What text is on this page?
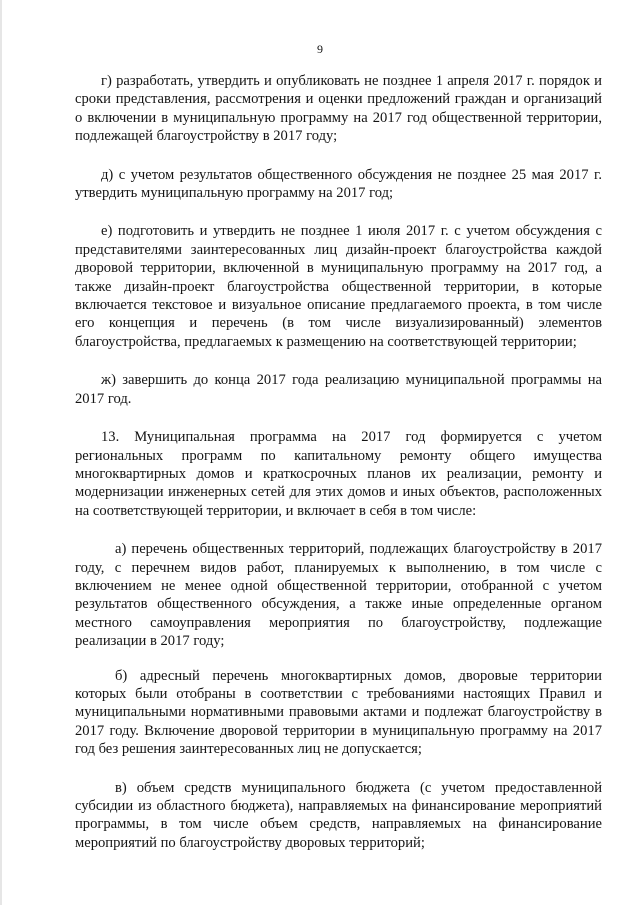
9

г) разработать, утвердить и опубликовать не позднее 1 апреля 2017 г. порядок и сроки представления, рассмотрения и оценки предложений граждан и организаций о включении в муниципальную программу на 2017 год общественной территории, подлежащей благоустройству в 2017 году;

д) с учетом результатов общественного обсуждения не позднее 25 мая 2017 г. утвердить муниципальную программу на 2017 год;

е) подготовить и утвердить не позднее 1 июля 2017 г. с учетом обсуждения с представителями заинтересованных лиц дизайн-проект благоустройства каждой дворовой территории, включенной в муниципальную программу на 2017 год, а также дизайн-проект благоустройства общественной территории, в которые включается текстовое и визуальное описание предлагаемого проекта, в том числе его концепция и перечень (в том числе визуализированный) элементов благоустройства, предлагаемых к размещению на соответствующей территории;

ж) завершить до конца 2017 года реализацию муниципальной программы на 2017 год.

13. Муниципальная программа на 2017 год формируется с учетом региональных программ по капитальному ремонту общего имущества многоквартирных домов и краткосрочных планов их реализации, ремонту и модернизации инженерных сетей для этих домов и иных объектов, расположенных на соответствующей территории, и включает в себя в том числе:

а) перечень общественных территорий, подлежащих благоустройству в 2017 году, с перечнем видов работ, планируемых к выполнению, в том числе с включением не менее одной общественной территории, отобранной с учетом результатов общественного обсуждения, а также иные определенные органом местного самоуправления мероприятия по благоустройству, подлежащие реализации в 2017 году;

б) адресный перечень многоквартирных домов, дворовые территории которых были отобраны в соответствии с требованиями настоящих Правил и муниципальными нормативными правовыми актами и подлежат благоустройству в 2017 году. Включение дворовой территории в муниципальную программу на 2017 год без решения заинтересованных лиц не допускается;

в) объем средств муниципального бюджета (с учетом предоставленной субсидии из областного бюджета), направляемых на финансирование мероприятий программы, в том числе объем средств, направляемых на финансирование мероприятий по благоустройству дворовых территорий;
